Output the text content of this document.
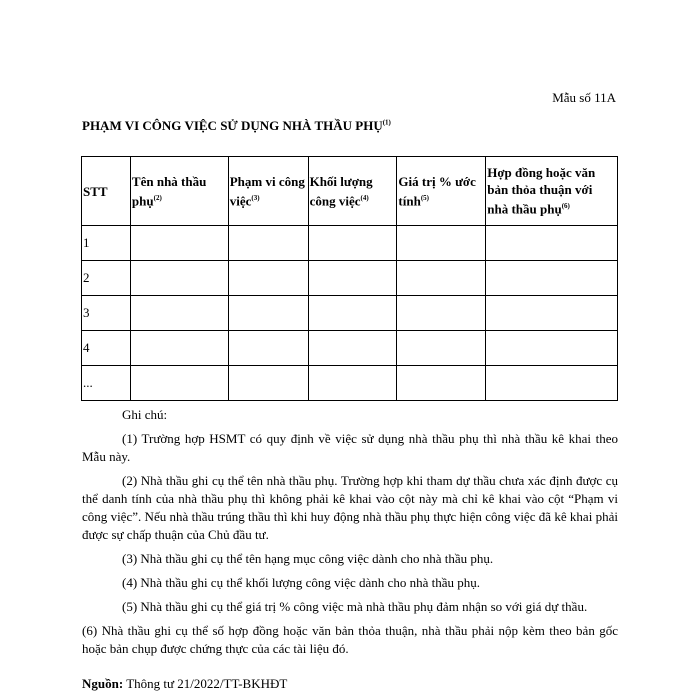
Mẫu số 11A
PHẠM VI CÔNG VIỆC SỬ DỤNG NHÀ THẦU PHỤ$^{(1)}$
STT	Tên nhà thầu phụ$^{(2)}$	Phạm vi công việc$^{(3)}$	Khối lượng công việc$^{(4)}$	Giá trị % ước tính$^{(5)}$	Hợp đồng hoặc văn bản thỏa thuận với nhà thầu phụ$^{(6)}$
1					
2					
3					
4					
...					

Ghi chú:

(1) Trường hợp HSMT có quy định về việc sử dụng nhà thầu phụ thì nhà thầu kê khai theo Mẫu này.

(2) Nhà thầu ghi cụ thể tên nhà thầu phụ. Trường hợp khi tham dự thầu chưa xác định được cụ thể danh tính của nhà thầu phụ thì không phải kê khai vào cột này mà chỉ kê khai vào cột “Phạm vi công việc”. Nếu nhà thầu trúng thầu thì khi huy động nhà thầu phụ thực hiện công việc đã kê khai phải được sự chấp thuận của Chủ đầu tư.

(3) Nhà thầu ghi cụ thể tên hạng mục công việc dành cho nhà thầu phụ.

(4) Nhà thầu ghi cụ thể khối lượng công việc dành cho nhà thầu phụ.

(5) Nhà thầu ghi cụ thể giá trị % công việc mà nhà thầu phụ đảm nhận so với giá dự thầu.

(6) Nhà thầu ghi cụ thể số hợp đồng hoặc văn bản thỏa thuận, nhà thầu phải nộp kèm theo bản gốc hoặc bản chụp được chứng thực của các tài liệu đó.

Nguồn: Thông tư 21/2022/TT-BKHĐT
